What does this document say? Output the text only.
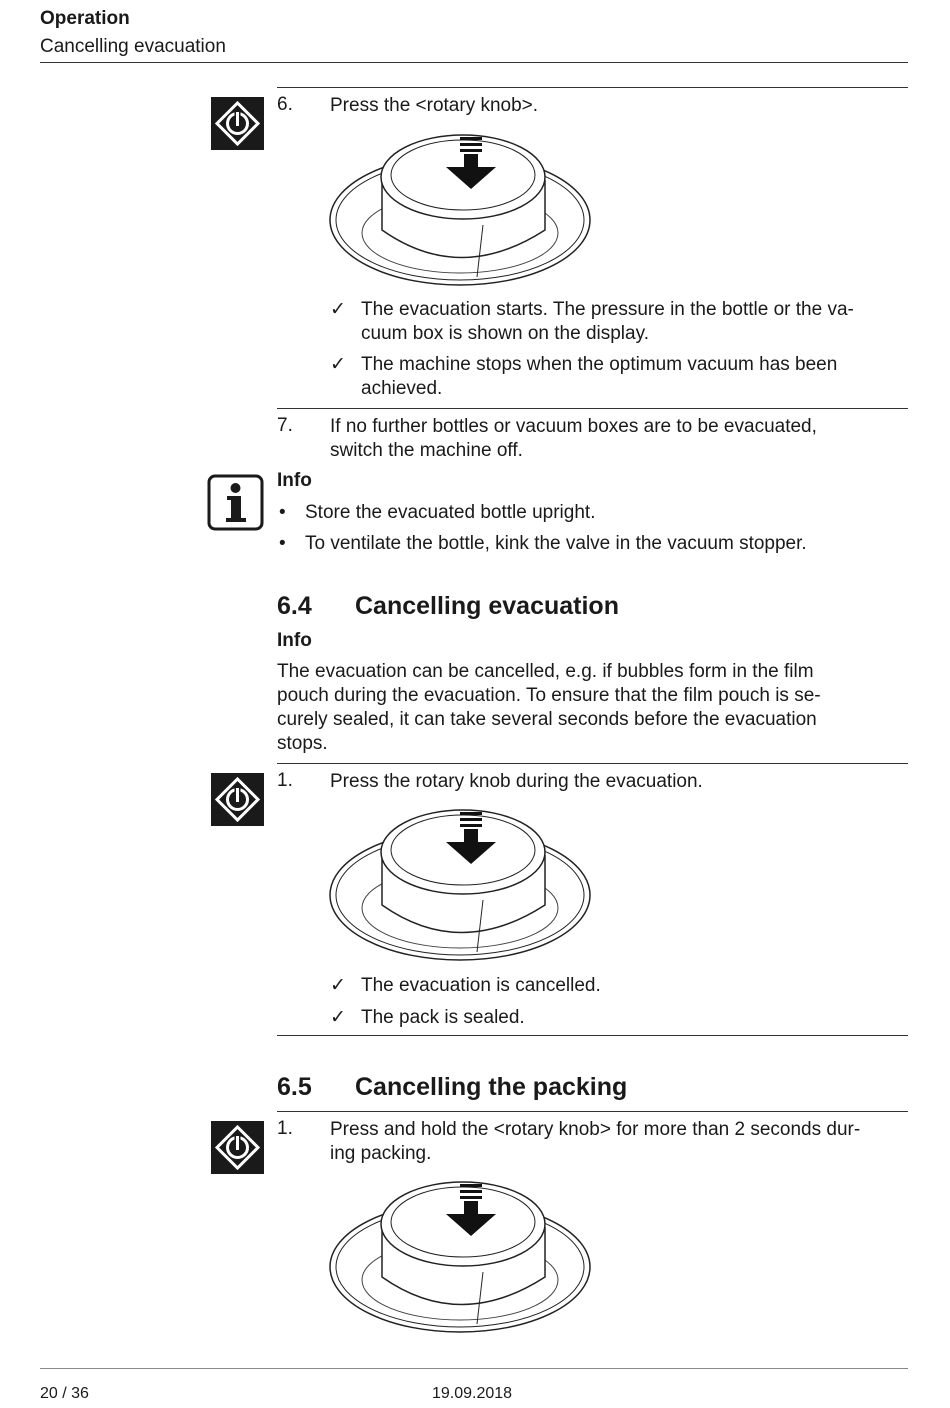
Operation
Cancelling evacuation
6. Press the <rotary knob>.
✓ The evacuation starts. The pressure in the bottle or the va-
cuum box is shown on the display.
✓ The machine stops when the optimum vacuum has been
achieved.
7. If no further bottles or vacuum boxes are to be evacuated,
switch the machine off.
Info
• Store the evacuated bottle upright.
• To ventilate the bottle, kink the valve in the vacuum stopper.
6.4 Cancelling evacuation
Info
The evacuation can be cancelled, e.g. if bubbles form in the film
pouch during the evacuation. To ensure that the film pouch is se-
curely sealed, it can take several seconds before the evacuation
stops.
1. Press the rotary knob during the evacuation.
✓ The evacuation is cancelled.
✓ The pack is sealed.
6.5 Cancelling the packing
1. Press and hold the <rotary knob> for more than 2 seconds dur-
ing packing.
20 / 36	19.09.2018
